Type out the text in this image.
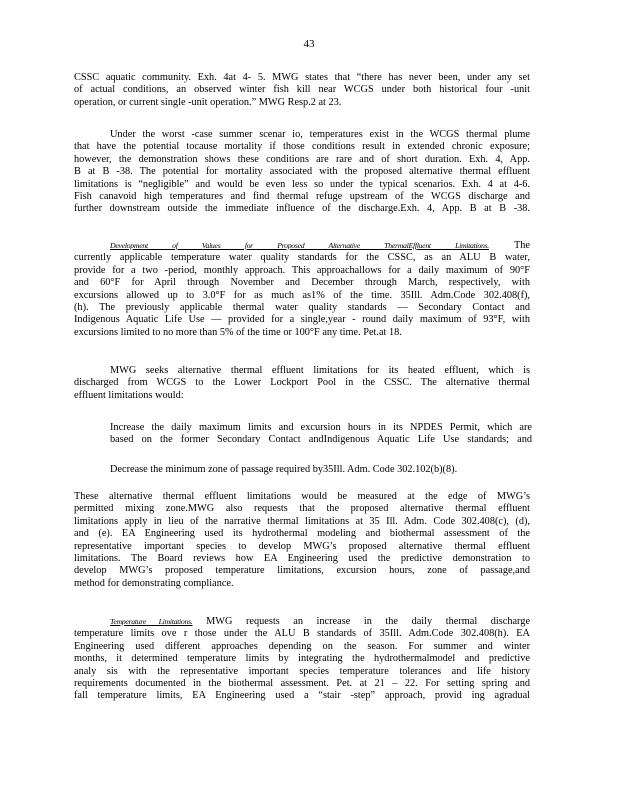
43
CSSC aquatic community. Exh. 4at 4- 5. MWG states that “there has never been, under any set
of actual conditions, an observed winter fish kill near WCGS under both historical four -unit
operation, or current single -unit operation.” MWG Resp.2 at 23.
Under the worst -case summer scenar io, temperatures exist in the WCGS thermal plume
that have the potential tocause mortality if those conditions result in extended chronic exposure;
however, the demonstration shows these conditions are rare and of short duration. Exh. 4, App.
B at B -38. The potential for mortality associated with the proposed alternative thermal effluent
limitations is “negligible” and would be even less so under the typical scenarios. Exh. 4 at 4-6.
Fish canavoid high temperatures and find thermal refuge upstream of the WCGS discharge and
further downstream outside the immediate influence of the discharge.Exh. 4, App. B at B -38.
Development of Values for Proposed Alternative ThermalEffluent Limitations. The
currently applicable temperature water quality standards for the CSSC, as an ALU B water,
provide for a two -period, monthly approach. This approachallows for a daily maximum of 90°F
and 60°F for April through November and December through March, respectively, with
excursions allowed up to 3.0°F for as much as1% of the time. 35Ill. Adm.Code 302.408(f),
(h). The previously applicable thermal water quality standards — Secondary Contact and
Indigenous Aquatic Life Use — provided for a single,year - round daily maximum of 93°F, with
excursions limited to no more than 5% of the time or 100°F any time. Pet.at 18.
MWG seeks alternative thermal effluent limitations for its heated effluent, which is
discharged from WCGS to the Lower Lockport Pool in the CSSC. The alternative thermal
effluent limitations would:
Increase the daily maximum limits and excursion hours in its NPDES Permit, which are
based on the former Secondary Contact andIndigenous Aquatic Life Use standards; and
Decrease the minimum zone of passage required by35Ill. Adm. Code 302.102(b)(8).
These alternative thermal effluent limitations would be measured at the edge of MWG’s
permitted mixing zone.MWG also requests that the proposed alternative thermal effluent
limitations apply in lieu of the narrative thermal limitations at 35 Ill. Adm. Code 302.408(c), (d),
and (e). EA Engineering used its hydrothermal modeling and biothermal assessment of the
representative important species to develop MWG’s proposed alternative thermal effluent
limitations. The Board reviews how EA Engineering used the predictive demonstration to
develop MWG’s proposed temperature limitations, excursion hours, zone of passage,and
method for demonstrating compliance.
Temperature Limitations. MWG requests an increase in the daily thermal discharge
temperature limits ove r those under the ALU B standards of 35Ill. Adm.Code 302.408(h). EA
Engineering used different approaches depending on the season. For summer and winter
months, it determined temperature limits by integrating the hydrothermalmodel and predictive
analy sis with the representative important species temperature tolerances and life history
requirements documented in the biothermal assessment. Pet. at 21 – 22. For setting spring and
fall temperature limits, EA Engineering used a “stair -step” approach, provid ing agradual
